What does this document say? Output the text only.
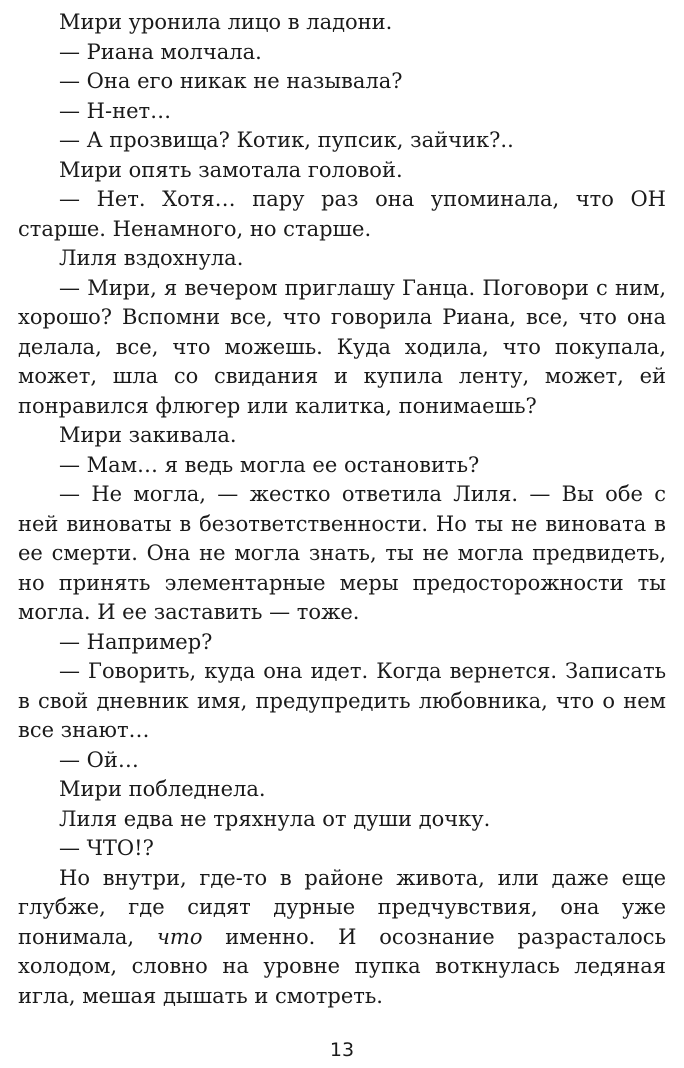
Мири уронила лицо в ладони.

— Риана молчала.

— Она его никак не называла?

— Н-нет…

— А прозвища? Котик, пупсик, зайчик?..

Мири опять замотала головой.

— Нет. Хотя… пару раз она упоминала, что ОН старше. Ненамного, но старше.

Лиля вздохнула.

— Мири, я вечером приглашу Ганца. Поговори с ним, хорошо? Вспомни все, что говорила Риана, все, что она делала, все, что можешь. Куда ходила, что покупала, может, шла со свидания и купила ленту, может, ей понравился флюгер или калитка, понимаешь?

Мири закивала.

— Мам… я ведь могла ее остановить?

— Не могла, — жестко ответила Лиля. — Вы обе с ней виноваты в безответственности. Но ты не виновата в ее смерти. Она не могла знать, ты не могла предвидеть, но принять элементарные меры предосторожности ты могла. И ее заставить — тоже.

— Например?

— Говорить, куда она идет. Когда вернется. Записать в свой дневник имя, предупредить любовника, что о нем все знают…

— Ой…

Мири побледнела.

Лиля едва не тряхнула от души дочку.

— ЧТО!?

Но внутри, где-то в районе живота, или даже еще глубже, где сидят дурные предчувствия, она уже понимала, что именно. И осознание разрасталось холодом, словно на уровне пупка воткнулась ледяная игла, мешая дышать и смотреть.

13
